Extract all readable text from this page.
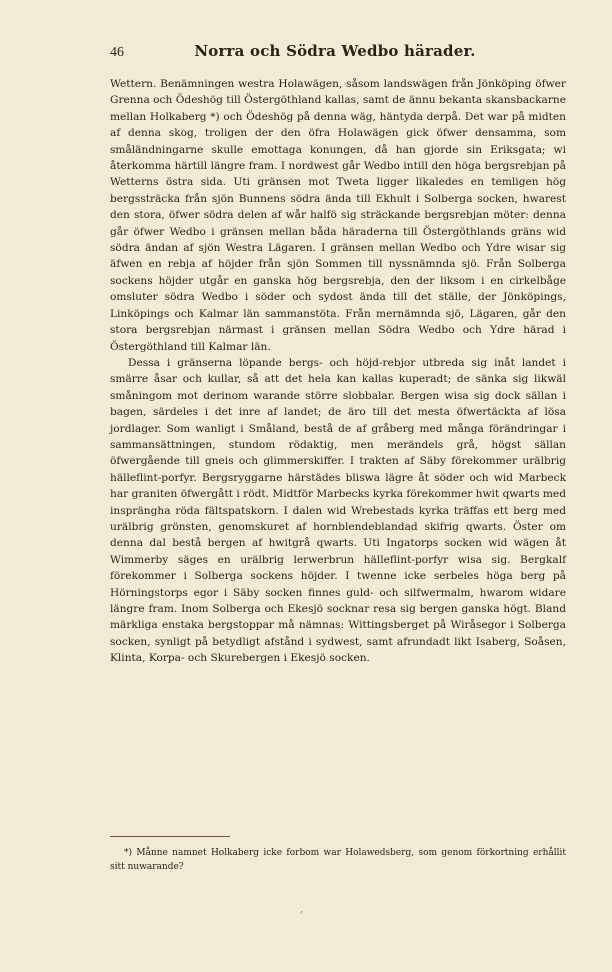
46	Norra och Södra Wedbo härader.

Wettern. Benämningen westra Holawägen, såsom landswägen från Jönköping öfwer Grenna och Ödeshög till Östergöthland kallas, samt de ännu bekanta skansbackarne mellan Holkaberg *) och Ödeshög på denna wäg, häntyda derpå. Det war på midten af denna skog, troligen der den öfra Holawägen gick öfwer densamma, som småländningarne skulle emottaga konungen, då han gjorde sin Eriksgata; wi återkomma härtill längre fram. I nordwest går Wedbo intill den höga bergsrebjan på Wetterns östra sida. Uti gränsen mot Tweta ligger likaledes en temligen hög bergssträcka från sjön Bunnens södra ända till Ekhult i Solberga socken, hwarest den stora, öfwer södra delen af wår halfö sig sträckande bergsrebjan möter: denna går öfwer Wedbo i gränsen mellan båda häraderna till Östergöthlands gräns wid södra ändan af sjön Westra Lägaren. I gränsen mellan Wedbo och Ydre wisar sig äfwen en rebja af höjder från sjön Sommen till nyssnämnda sjö. Från Solberga sockens höjder utgår en ganska hög bergsrebja, den der liksom i en cirkelbåge omsluter södra Wedbo i söder och sydost ända till det ställe, der Jönköpings, Linköpings och Kalmar län sammanstöta. Från mernämnda sjö, Lägaren, går den stora bergsrebjan närmast i gränsen mellan Södra Wedbo och Ydre härad i Östergöthland till Kalmar län.

Dessa i gränserna löpande bergs- och höjd-rebjor utbreda sig inåt landet i smärre åsar och kullar, så att det hela kan kallas kuperadt; de sänka sig likwäl småningom mot derinom warande större slobbalar. Bergen wisa sig dock sällan i bagen, särdeles i det inre af landet; de äro till det mesta öfwertäckta af lösa jordlager. Som wanligt i Småland, bestå de af gråberg med många förändringar i sammansättningen, stundom rödaktig, men merändels grå, högst sällan öfwergående till gneis och glimmerskiffer. I trakten af Säby förekommer urälbrig hälleflint-porfyr. Bergsryggarne härstädes bliswa lägre åt söder och wid Marbeck har graniten öfwergått i rödt. Midtför Marbecks kyrka förekommer hwit qwarts med inspränghа röda fältspatskorn. I dalen wid Wrebestads kyrka träffas ett berg med urälbrig grönsten, genomskuret af hornblendeblandad skifrig qwarts. Öster om denna dal bestå bergen af hwitgrå qwarts. Uti Ingatorps socken wid wägen åt Wimmerby säges en urälbrig lerwerbrun hälleflint-porfyr wisa sig. Bergkalf förekommer i Solberga sockens höjder. I twenne icke serbeles höga berg på Hörningstorps egor i Säby socken finnes guld- och silfwermalm, hwarom widare längre fram. Inom Solberga och Ekesjö socknar resa sig bergen ganska högt. Bland märkliga enstaka bergstoppar må nämnas: Wittingsberget på Wiråsegor i Solberga socken, synligt på betydligt afstånd i sydwest, samt afrundadt likt Isaberg, Soåsen, Klinta, Korpa- och Skurebergen i Ekesjö socken.

*) Månne namnet Holkaberg icke forbom war Holawedsberg, som genom förkortning erhållit sitt nuwarande?
,
